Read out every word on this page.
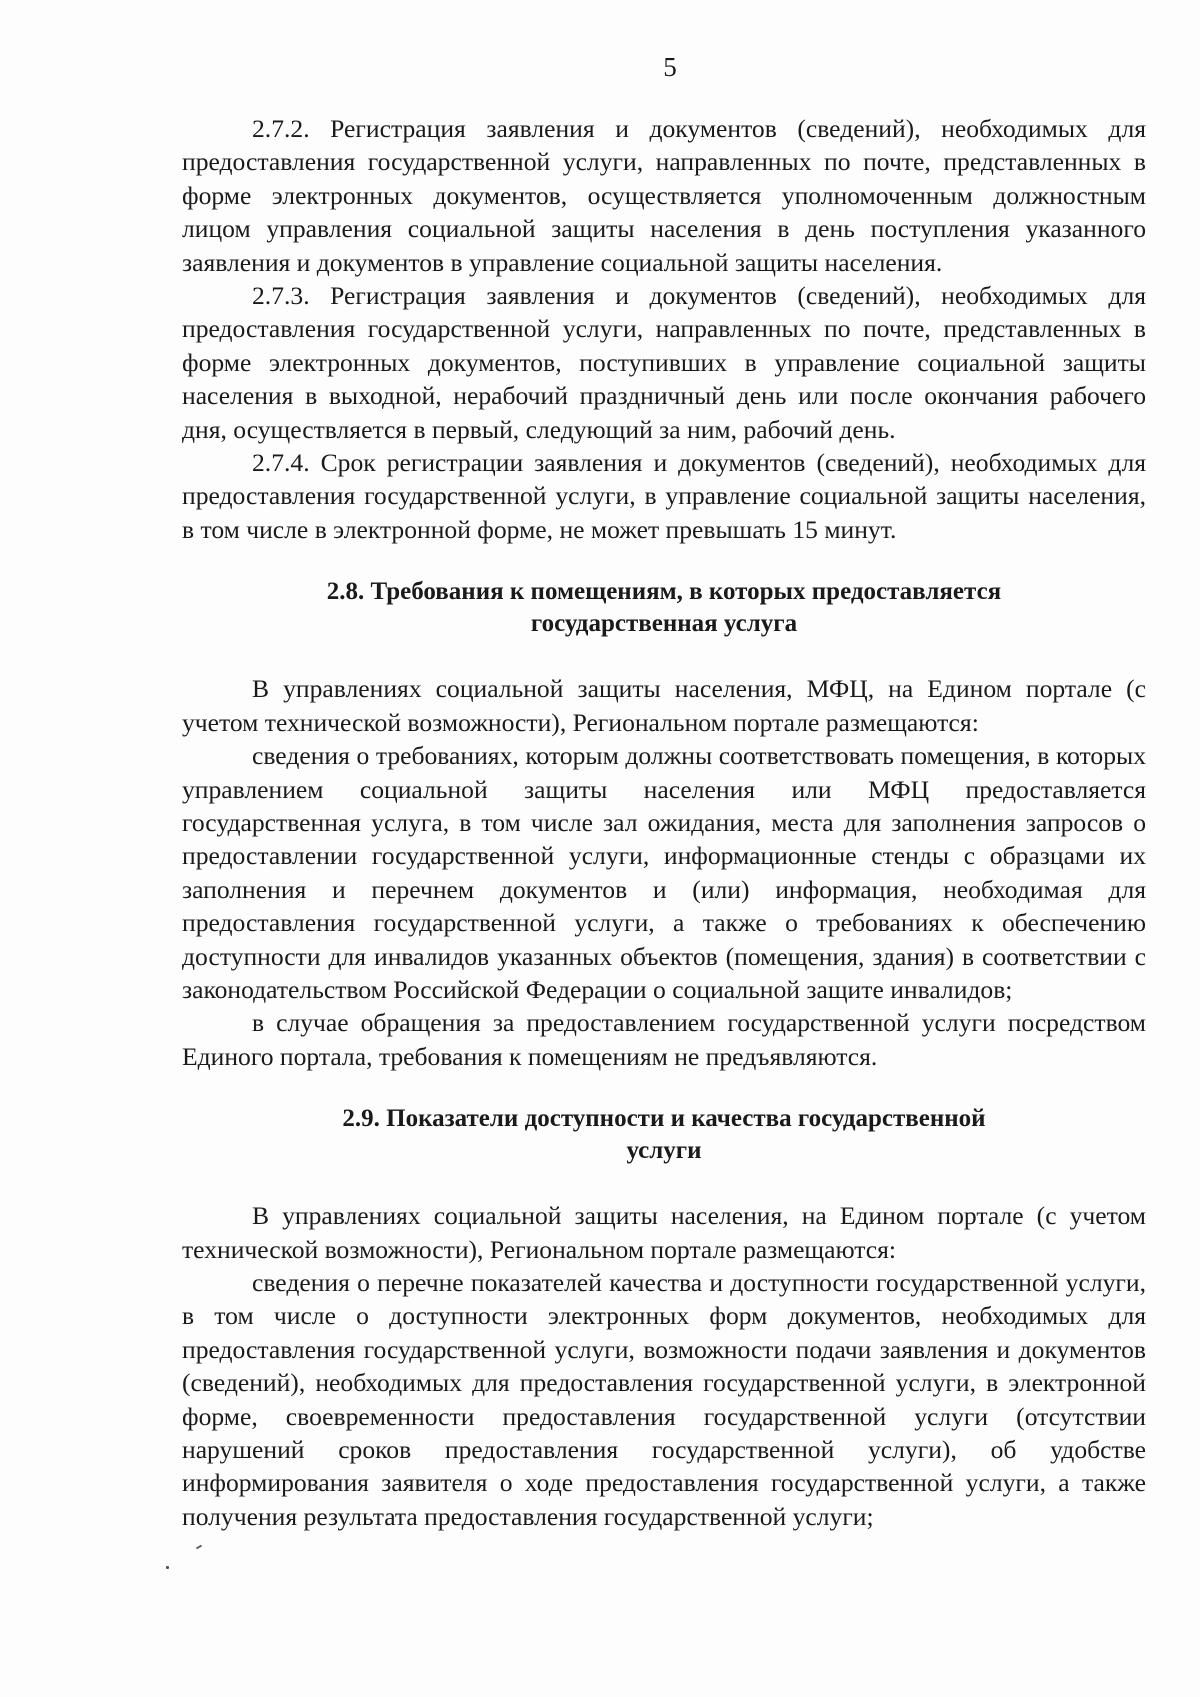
5

2.7.2. Регистрация заявления и документов (сведений), необходимых для предоставления государственной услуги, направленных по почте, представленных в форме электронных документов, осуществляется уполномоченным должностным лицом управления социальной защиты населения в день поступления указанного заявления и документов в управление социальной защиты населения.

2.7.3. Регистрация заявления и документов (сведений), необходимых для предоставления государственной услуги, направленных по почте, представленных в форме электронных документов, поступивших в управление социальной защиты населения в выходной, нерабочий праздничный день или после окончания рабочего дня, осуществляется в первый, следующий за ним, рабочий день.

2.7.4. Срок регистрации заявления и документов (сведений), необходимых для предоставления государственной услуги, в управление социальной защиты населения, в том числе в электронной форме, не может превышать 15 минут.

2.8. Требования к помещениям, в которых предоставляется
государственная услуга

В управлениях социальной защиты населения, МФЦ, на Едином портале (с учетом технической возможности), Региональном портале размещаются:

сведения о требованиях, которым должны соответствовать помещения, в которых управлением социальной защиты населения или МФЦ предоставляется государственная услуга, в том числе зал ожидания, места для заполнения запросов о предоставлении государственной услуги, информационные стенды с образцами их заполнения и перечнем документов и (или) информация, необходимая для предоставления государственной услуги, а также о требованиях к обеспечению доступности для инвалидов указанных объектов (помещения, здания) в соответствии с законодательством Российской Федерации о социальной защите инвалидов;

в случае обращения за предоставлением государственной услуги посредством Единого портала, требования к помещениям не предъявляются.

2.9. Показатели доступности и качества государственной
услуги

В управлениях социальной защиты населения, на Едином портале (с учетом технической возможности), Региональном портале размещаются:

сведения о перечне показателей качества и доступности государственной услуги, в том числе о доступности электронных форм документов, необходимых для предоставления государственной услуги, возможности подачи заявления и документов (сведений), необходимых для предоставления государственной услуги, в электронной форме, своевременности предоставления государственной услуги (отсутствии нарушений сроков предоставления государственной услуги), об удобстве информирования заявителя о ходе предоставления государственной услуги, а также получения результата предоставления государственной услуги;
